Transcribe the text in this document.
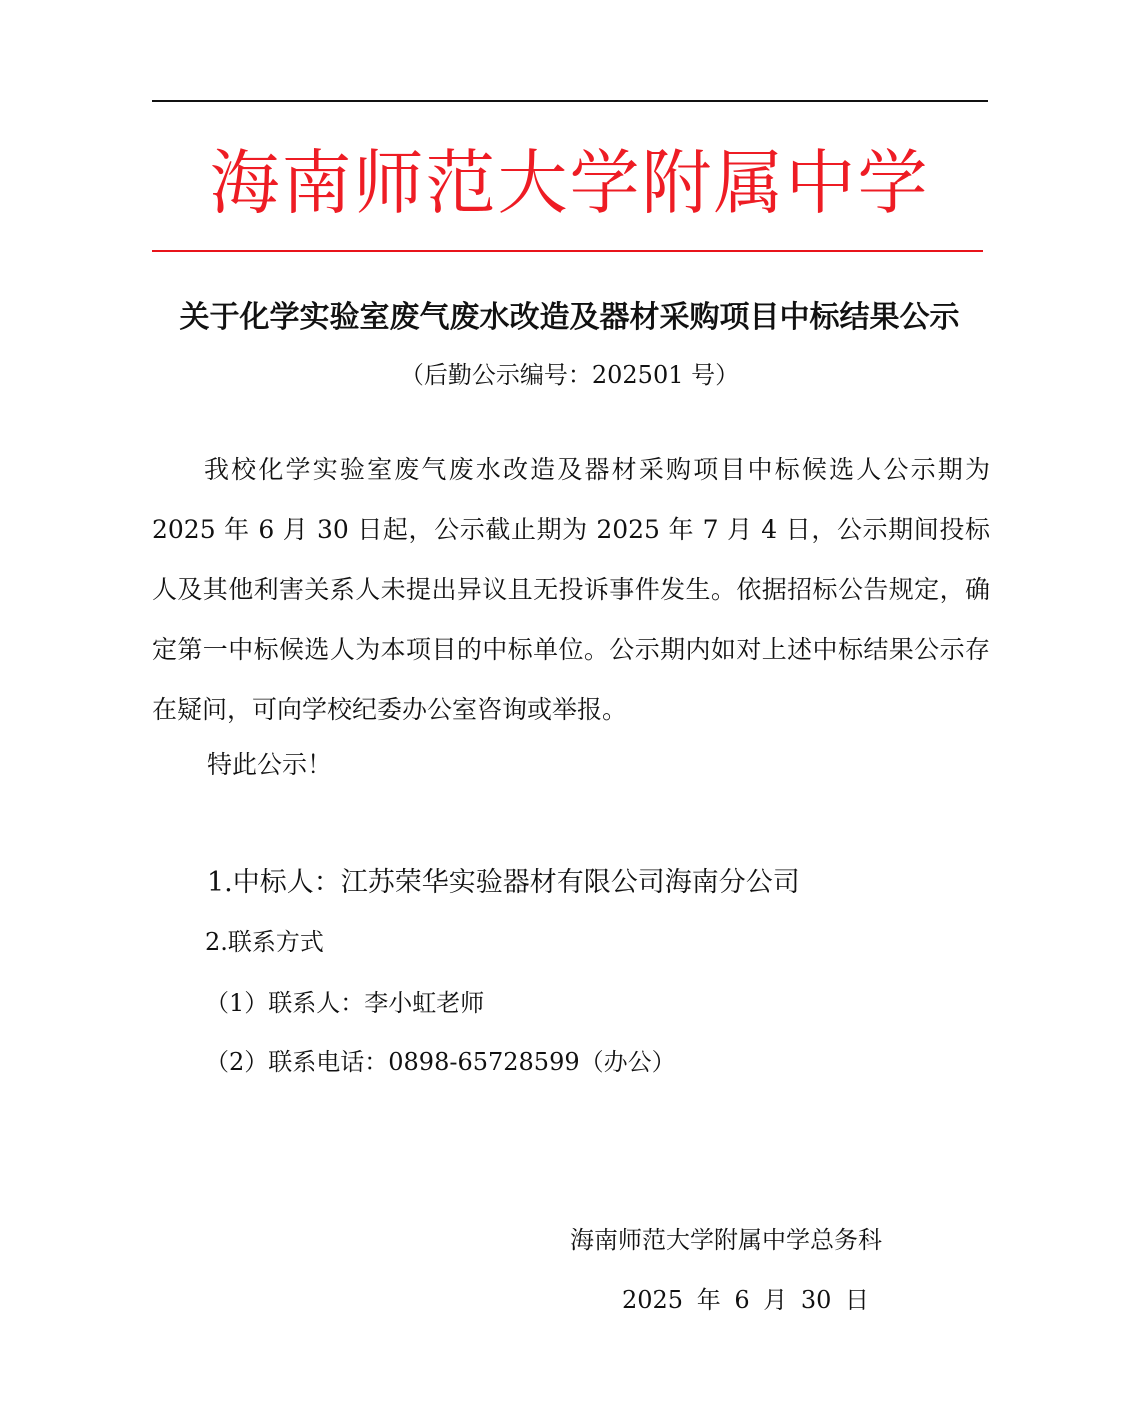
海南师范大学附属中学
关于化学实验室废气废水改造及器材采购项目中标结果公示
（后勤公示编号：202501 号）
我校化学实验室废气废水改造及器材采购项目中标候选人公示期为 2025 年 6 月 30 日起，公示截止期为 2025 年 7 月 4 日，公示期间投标人及其他利害关系人未提出异议且无投诉事件发生。依据招标公告规定，确定第一中标候选人为本项目的中标单位。公示期内如对上述中标结果公示存在疑问，可向学校纪委办公室咨询或举报。
特此公示！
1.中标人：江苏荣华实验器材有限公司海南分公司
2.联系方式
（1）联系人：李小虹老师
（2）联系电话：0898-65728599（办公）
海南师范大学附属中学总务科
2025 年 6 月 30 日
